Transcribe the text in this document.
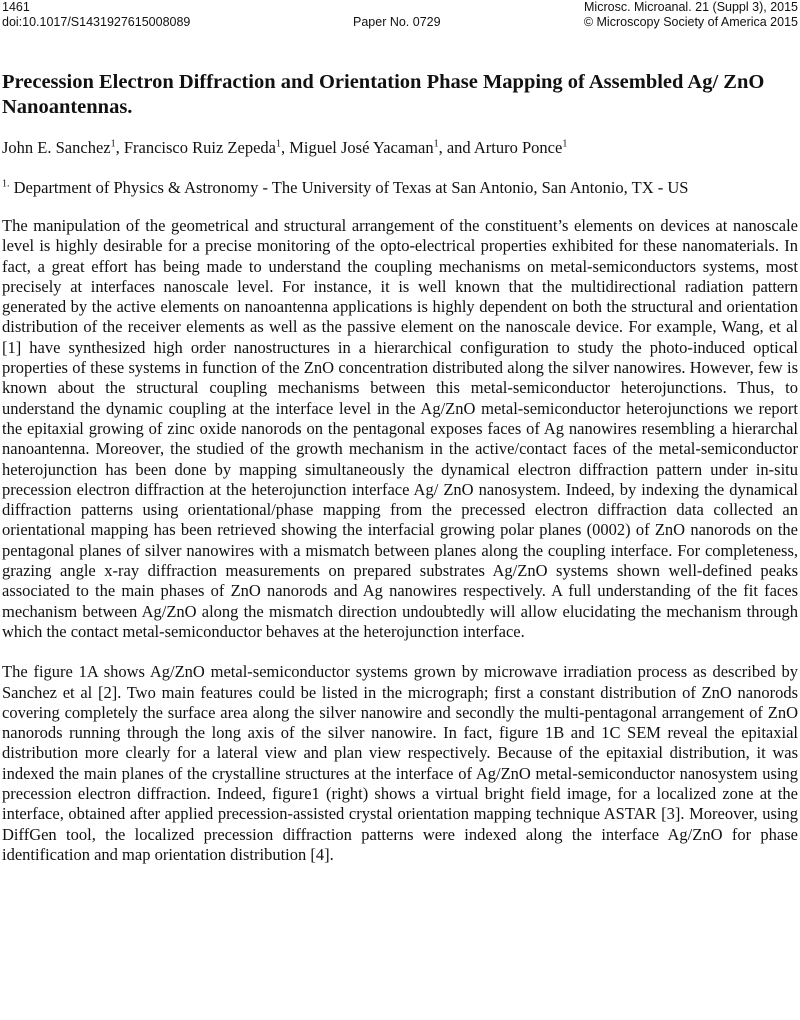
1461	Microsc. Microanal. 21 (Suppl 3), 2015
doi:10.1017/S1431927615008089	Paper No. 0729	© Microscopy Society of America 2015
Precession Electron Diffraction and Orientation Phase Mapping of Assembled Ag/ ZnO Nanoantennas.
John E. Sanchez$^1$, Francisco Ruiz Zepeda$^1$, Miguel José Yacaman$^1$, and Arturo Ponce$^1$
$^{1.}$ Department of Physics & Astronomy - The University of Texas at San Antonio, San Antonio, TX - US
The manipulation of the geometrical and structural arrangement of the constituent’s elements on devices at nanoscale level is highly desirable for a precise monitoring of the opto-electrical properties exhibited for these nanomaterials. In fact, a great effort has being made to understand the coupling mechanisms on metal-semiconductors systems, most precisely at interfaces nanoscale level. For instance, it is well known that the multidirectional radiation pattern generated by the active elements on nanoantenna applications is highly dependent on both the structural and orientation distribution of the receiver elements as well as the passive element on the nanoscale device. For example, Wang, et al [1] have synthesized high order nanostructures in a hierarchical configuration to study the photo-induced optical properties of these systems in function of the ZnO concentration distributed along the silver nanowires. However, few is known about the structural coupling mechanisms between this metal-semiconductor heterojunctions. Thus, to understand the dynamic coupling at the interface level in the Ag/ZnO metal-semiconductor heterojunctions we report the epitaxial growing of zinc oxide nanorods on the pentagonal exposes faces of Ag nanowires resembling a hierarchal nanoantenna. Moreover, the studied of the growth mechanism in the active/contact faces of the metal-semiconductor heterojunction has been done by mapping simultaneously the dynamical electron diffraction pattern under in-situ precession electron diffraction at the heterojunction interface Ag/ ZnO nanosystem. Indeed, by indexing the dynamical diffraction patterns using orientational/phase mapping from the precessed electron diffraction data collected an orientational mapping has been retrieved showing the interfacial growing polar planes (0002) of ZnO nanorods on the pentagonal planes of silver nanowires with a mismatch between planes along the coupling interface. For completeness, grazing angle x-ray diffraction measurements on prepared substrates Ag/ZnO systems shown well-defined peaks associated to the main phases of ZnO nanorods and Ag nanowires respectively. A full understanding of the fit faces mechanism between Ag/ZnO along the mismatch direction undoubtedly will allow elucidating the mechanism through which the contact metal-semiconductor behaves at the heterojunction interface.
The figure 1A shows Ag/ZnO metal-semiconductor systems grown by microwave irradiation process as described by Sanchez et al [2]. Two main features could be listed in the micrograph; first a constant distribution of ZnO nanorods covering completely the surface area along the silver nanowire and secondly the multi-pentagonal arrangement of ZnO nanorods running through the long axis of the silver nanowire. In fact, figure 1B and 1C SEM reveal the epitaxial distribution more clearly for a lateral view and plan view respectively. Because of the epitaxial distribution, it was indexed the main planes of the crystalline structures at the interface of Ag/ZnO metal-semiconductor nanosystem using precession electron diffraction. Indeed, figure1 (right) shows a virtual bright field image, for a localized zone at the interface, obtained after applied precession-assisted crystal orientation mapping technique ASTAR [3]. Moreover, using DiffGen tool, the localized precession diffraction patterns were indexed along the interface Ag/ZnO for phase identification and map orientation distribution [4].
